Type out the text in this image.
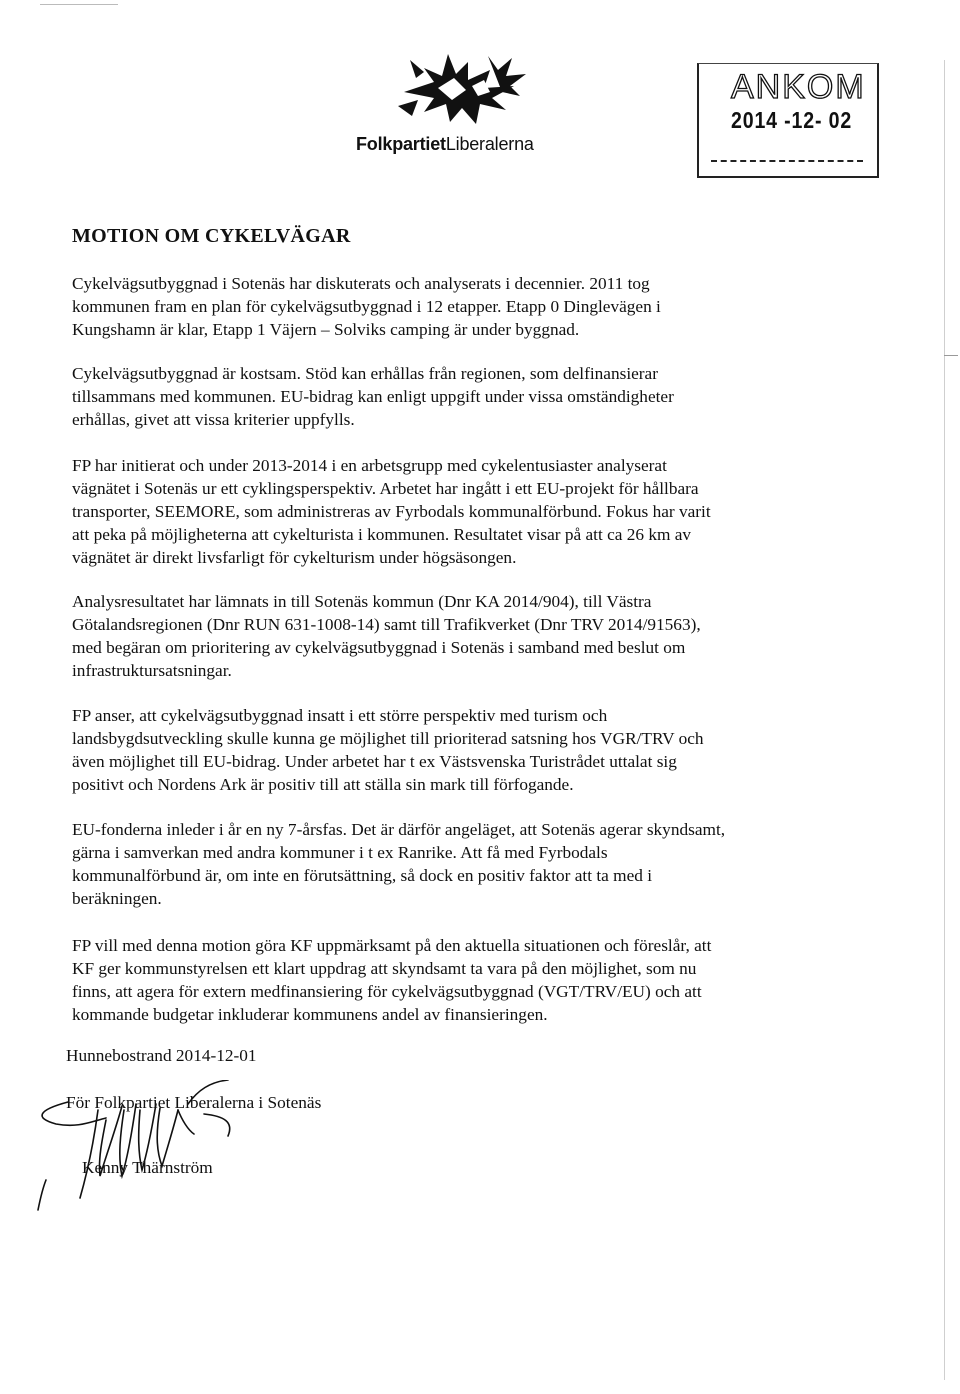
FolkpartietLiberalerna
ANKOM
2014 -12- 02
MOTION OM CYKELVÄGAR
Cykelvägsutbyggnad i Sotenäs har diskuterats och analyserats i decennier. 2011 tog
kommunen fram en plan för cykelvägsutbyggnad i 12 etapper. Etapp 0 Dinglevägen i
Kungshamn är klar, Etapp 1 Väjern – Solviks camping är under byggnad.
Cykelvägsutbyggnad är kostsam. Stöd kan erhållas från regionen, som delfinansierar
tillsammans med kommunen. EU-bidrag kan enligt uppgift under vissa omständigheter
erhållas, givet att vissa kriterier uppfylls.
FP har initierat och under 2013-2014 i en arbetsgrupp med cykelentusiaster analyserat
vägnätet i Sotenäs ur ett cyklingsperspektiv. Arbetet har ingått i ett EU-projekt för hållbara
transporter, SEEMORE, som administreras av Fyrbodals kommunalförbund. Fokus har varit
att peka på möjligheterna att cykelturista i kommunen. Resultatet visar på att ca 26 km av
vägnätet är direkt livsfarligt för cykelturism under högsäsongen.
Analysresultatet har lämnats in till Sotenäs kommun (Dnr KA 2014/904), till Västra
Götalandsregionen (Dnr RUN 631-1008-14) samt till Trafikverket (Dnr TRV 2014/91563),
med begäran om prioritering av cykelvägsutbyggnad i Sotenäs i samband med beslut om
infrastruktursatsningar.
FP anser, att cykelvägsutbyggnad insatt i ett större perspektiv med turism och
landsbygdsutveckling skulle kunna ge möjlighet till prioriterad satsning hos VGR/TRV och
även möjlighet till EU-bidrag. Under arbetet har t ex Västsvenska Turistrådet uttalat sig
positivt och Nordens Ark är positiv till att ställa sin mark till förfogande.
EU-fonderna inleder i år en ny 7-årsfas. Det är därför angeläget, att Sotenäs agerar skyndsamt,
gärna i samverkan med andra kommuner i t ex Ranrike. Att få med Fyrbodals
kommunalförbund är, om inte en förutsättning, så dock en positiv faktor att ta med i
beräkningen.
FP vill med denna motion göra KF uppmärksamt på den aktuella situationen och föreslår, att
KF ger kommunstyrelsen ett klart uppdrag att skyndsamt ta vara på den möjlighet, som nu
finns, att agera för extern medfinansiering för cykelvägsutbyggnad (VGT/TRV/EU) och att
kommande budgetar inkluderar kommunens andel av finansieringen.
Hunnebostrand 2014-12-01
För Folkpartiet Liberalerna i Sotenäs
Kenny Thärnström
